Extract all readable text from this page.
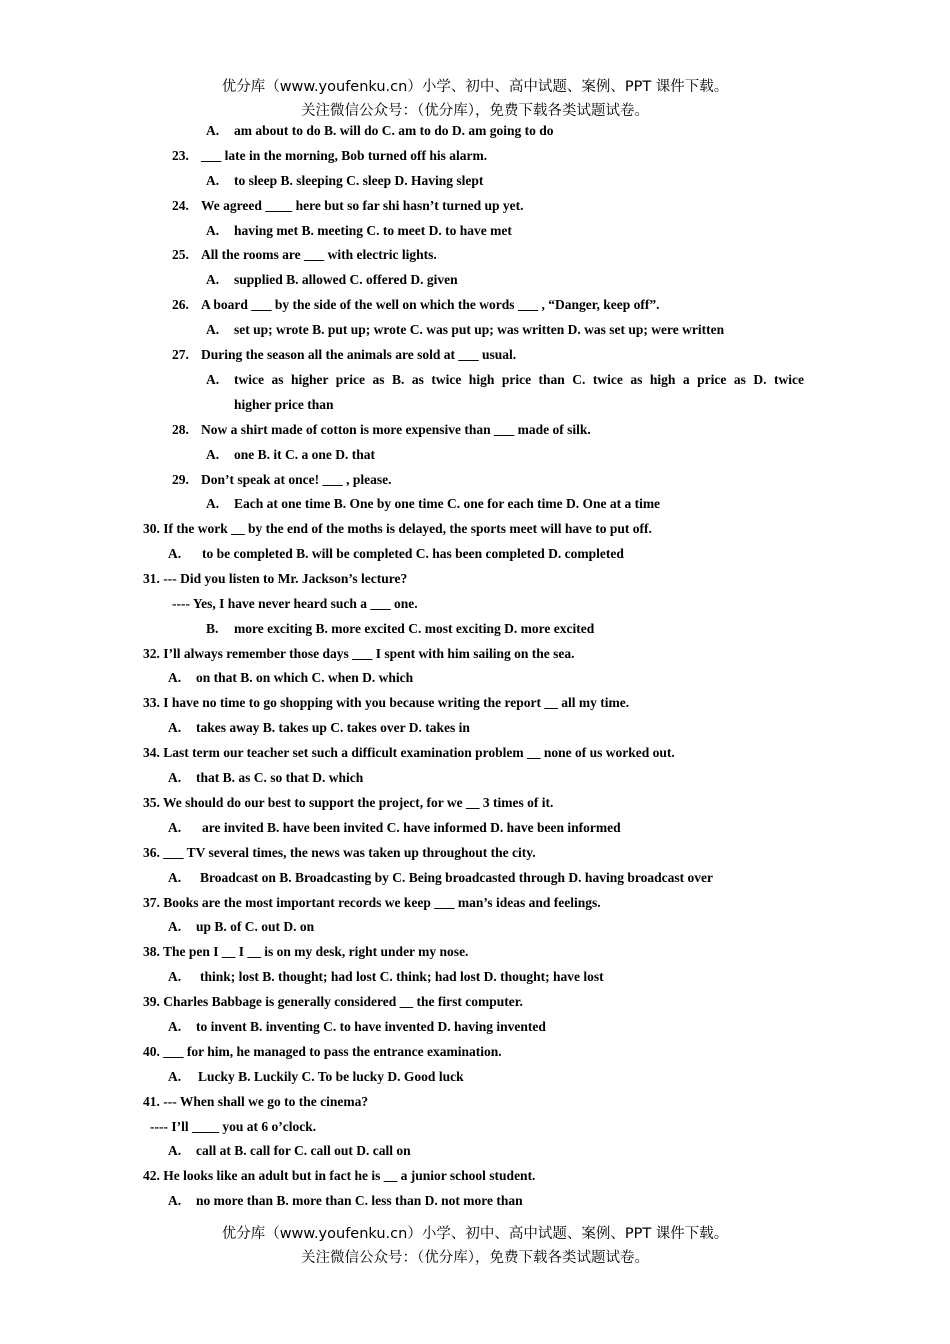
优分库（www.youfenku.cn）小学、初中、高中试题、案例、PPT 课件下载。
关注微信公众号：（优分库），免费下载各类试题试卷。
A. am about to do B. will do C. am to do D. am going to do
23. ___ late in the morning, Bob turned off his alarm.
A. to sleep B. sleeping C. sleep D. Having slept
24. We agreed ____ here but so far shi hasn’t turned up yet.
A. having met B. meeting C. to meet D. to have met
25. All the rooms are ___ with electric lights.
A. supplied B. allowed C. offered D. given
26. A board ___ by the side of the well on which the words ___ , “Danger, keep off”.
A. set up; wrote B. put up; wrote C. was put up; was written D. was set up; were written
27. During the season all the animals are sold at ___ usual.
A. twice as higher price as B. as twice high price than C. twice as high a price as D. twice
higher price than
28. Now a shirt made of cotton is more expensive than ___ made of silk.
A. one B. it C. a one D. that
29. Don’t speak at once! ___ , please.
A. Each at one time B. One by one time C. one for each time D. One at a time
30. If the work __ by the end of the moths is delayed, the sports meet will have to put off.
A. to be completed B. will be completed C. has been completed D. completed
31. --- Did you listen to Mr. Jackson’s lecture?
---- Yes, I have never heard such a ___ one.
B. more exciting B. more excited C. most exciting D. more excited
32. I’ll always remember those days ___ I spent with him sailing on the sea.
A. on that B. on which C. when D. which
33. I have no time to go shopping with you because writing the report __ all my time.
A. takes away B. takes up C. takes over D. takes in
34. Last term our teacher set such a difficult examination problem __ none of us worked out.
A. that B. as C. so that D. which
35. We should do our best to support the project, for we __ 3 times of it.
A. are invited B. have been invited C. have informed D. have been informed
36. ___ TV several times, the news was taken up throughout the city.
A. Broadcast on B. Broadcasting by C. Being broadcasted through D. having broadcast over
37. Books are the most important records we keep ___ man’s ideas and feelings.
A. up B. of C. out D. on
38. The pen I __ I __ is on my desk, right under my nose.
A. think; lost B. thought; had lost C. think; had lost D. thought; have lost
39. Charles Babbage is generally considered __ the first computer.
A. to invent B. inventing C. to have invented D. having invented
40. ___ for him, he managed to pass the entrance examination.
A. Lucky B. Luckily C. To be lucky D. Good luck
41. --- When shall we go to the cinema?
---- I’ll ____ you at 6 o’clock.
A. call at B. call for C. call out D. call on
42. He looks like an adult but in fact he is __ a junior school student.
A. no more than B. more than C. less than D. not more than
优分库（www.youfenku.cn）小学、初中、高中试题、案例、PPT 课件下载。
关注微信公众号：（优分库），免费下载各类试题试卷。
